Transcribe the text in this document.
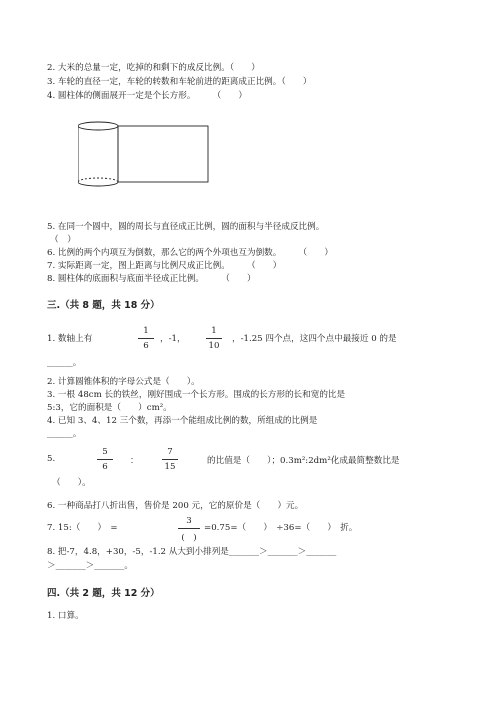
2. 大米的总量一定，吃掉的和剩下的成反比例。（　　）
3. 车轮的直径一定，车轮的转数和车轮前进的距离成正比例。（　　）
4. 圆柱体的侧面展开一定是个长方形。　　　（　　）
5. 在同一个圆中，圆的周长与直径成正比例，圆的面积与半径成反比例。
（　）
6. 比例的两个内项互为倒数，那么它的两个外项也互为倒数。　　　（　　）
7. 实际距离一定，图上距离与比例尺成正比例。　　　（　　）
8. 圆柱体的底面积与底面半径成正比例。　　　（　　）
三.（共 8 题，共 18 分）
1. 数轴上有
1
6
，-1，
1
10
，-1.25 四个点，这四个点中最接近 0 的是
______。
2. 计算圆锥体积的字母公式是（　　）。
3. 一根 48cm 长的铁丝，刚好围成一个长方形。围成的长方形的长和宽的比是
5:3，它的面积是（　　）cm²。
4. 已知 3、4、12 三个数，再添一个能组成比例的数，所组成的比例是
______。
5.
5
6
：
7
15
的比值是（　　）；0.3m²:2dm²化成最简整数比是
（　　）。
6. 一种商品打八折出售，售价是 200 元，它的原价是（　　）元。
7. 15:（　　）　=
3
(　)
=0.75=（　　）　÷36=（　　）　折。
8. 把-7，4.8，+30，-5，-1.2 从大到小排列是_______＞_______＞_______
＞_______＞_______。
四.（共 2 题，共 12 分）
1. 口算。
